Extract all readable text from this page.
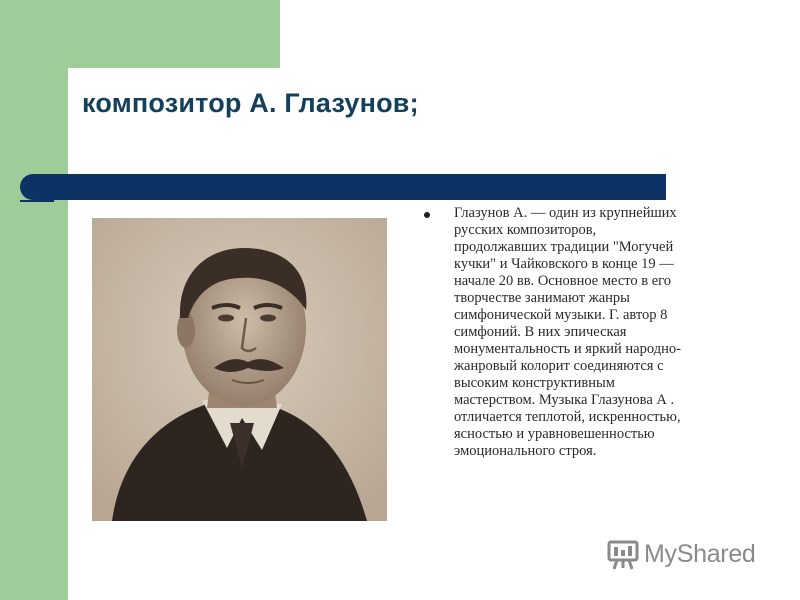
композитор А. Глазунов;
Глазунов А. — один из крупнейших
русских композиторов,
продолжавших традиции "Могучей
кучки" и Чайковского в конце 19 —
начале 20 вв. Основное место в его
творчестве занимают жанры
симфонической музыки. Г. автор 8
симфоний. В них эпическая
монументальность и яркий народно-
жанровый колорит соединяются с
высоким конструктивным
мастерством. Музыка Глазунова А .
отличается теплотой, искренностью,
ясностью и уравновешенностью
эмоционального строя.
MyShared
